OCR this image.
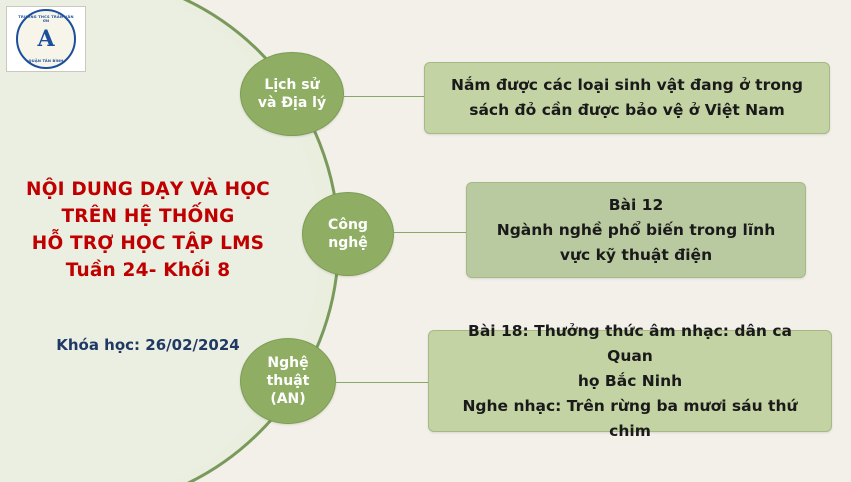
TRƯỜNG THCS TRẦN VĂN ƠN
A
QUẬN TÂN BÌNH
NỘI DUNG DẠY VÀ HỌC
TRÊN HỆ THỐNG
HỖ TRỢ HỌC TẬP LMS
Tuần 24- Khối 8
Khóa học: 26/02/2024
Lịch sử
và Địa lý
Công
nghệ
Nghệ
thuật
(AN)
Nắm được các loại sinh vật đang ở trong
sách đỏ cần được bảo vệ ở Việt Nam
Bài 12
Ngành nghề phổ biến trong lĩnh
vực kỹ thuật điện
Bài 18: Thưởng thức âm nhạc: dân ca Quan
họ Bắc Ninh
Nghe nhạc: Trên rừng ba mươi sáu thứ chim
